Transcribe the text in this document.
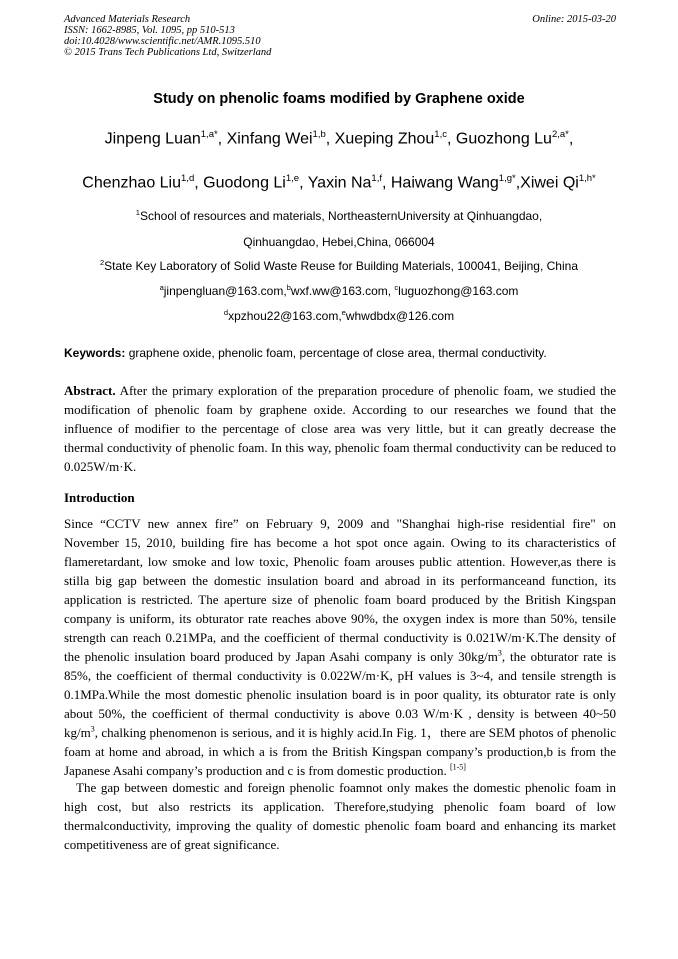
Advanced Materials Research
ISSN: 1662-8985, Vol. 1095, pp 510-513
doi:10.4028/www.scientific.net/AMR.1095.510
© 2015 Trans Tech Publications Ltd, Switzerland
Online: 2015-03-20
Study on phenolic foams modified by Graphene oxide
Jinpeng Luan$^{1,a*}$, Xinfang Wei$^{1,b}$, Xueping Zhou$^{1,c}$, Guozhong $Lu^{2,a*}$,
Chenzhao Liu$^{1,d}$, Guodong Li$^{1,e}$, Yaxin Na$^{1,f}$, Haiwang Wang$^{1,g*}$,Xiwei $Qi^{1,h*}$
$^1$School of resources and materials, NortheasternUniversity at Qinhuangdao,
Qinhuangdao, Hebei,China, 066004
$^2$State Key Laboratory of Solid Waste Reuse for Building Materials, 100041, Beijing, China
$^a$jinpengluan@163.com,$^b$wxf.ww@163.com, $^c$luguozhong@163.com
$^d$xpzhou22@163.com,$^e$whwdbdx@126.com
Keywords: graphene oxide, phenolic foam, percentage of close area, thermal conductivity.
Abstract. After the primary exploration of the preparation procedure of phenolic foam, we studied the modification of phenolic foam by graphene oxide. According to our researches we found that the influence of modifier to the percentage of close area was very little, but it can greatly decrease the thermal conductivity of phenolic foam. In this way, phenolic foam thermal conductivity can be reduced to 0.025W/m·K.
Introduction
Since “CCTV new annex fire” on February 9, 2009 and "Shanghai high-rise residential fire" on November 15, 2010, building fire has become a hot spot once again. Owing to its characteristics of flameretardant, low smoke and low toxic, Phenolic foam arouses public attention. However,as there is stilla big gap between the domestic insulation board and abroad in its performanceand function, its application is restricted. The aperture size of phenolic foam board produced by the British Kingspan company is uniform, its obturator rate reaches above 90%, the oxygen index is more than 50%, tensile strength can reach 0.21MPa, and the coefficient of thermal conductivity is 0.021W/m·K.The density of the phenolic insulation board produced by Japan Asahi company is only $30kg/m^3$, the obturator rate is 85%, the coefficient of thermal conductivity is 0.022W/m·K, pH values is 3~4, and tensile strength is 0.1MPa.While the most domestic phenolic insulation board is in poor quality, its obturator rate is only about 50%, the coefficient of thermal conductivity is above 0.03 W/m·K , density is between 40~50 $kg/m^3$, chalking phenomenon is serious, and it is highly acid.In Fig. 1，there are SEM photos of phenolic foam at home and abroad, in which a is from the British Kingspan company’s production,b is from the Japanese Asahi company’s production and c is from domestic production. [1-5]
The gap between domestic and foreign phenolic foamnot only makes the domestic phenolic foam in high cost, but also restricts its application. Therefore,studying phenolic foam board of low thermalconductivity, improving the quality of domestic phenolic foam board and enhancing its market competitiveness are of great significance.
